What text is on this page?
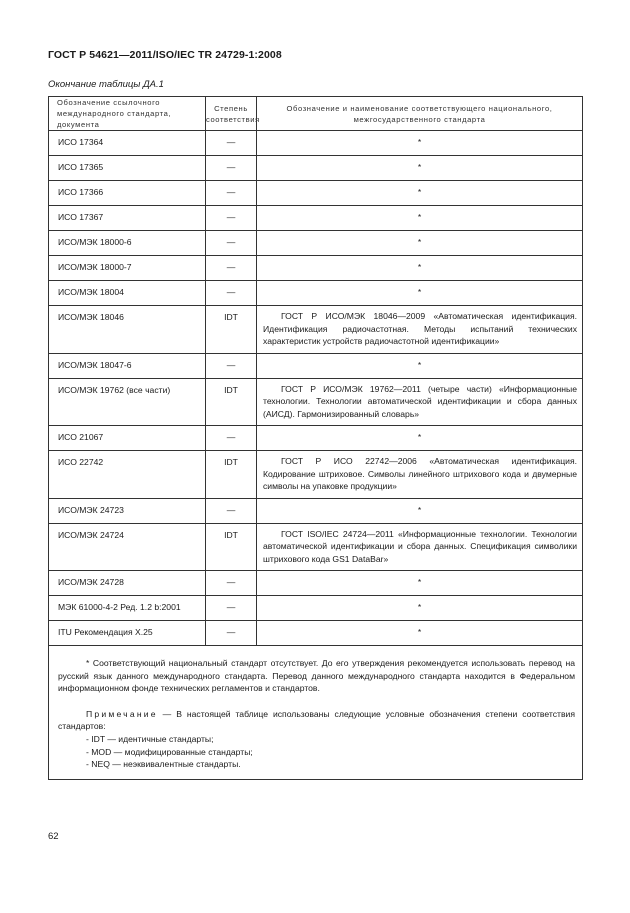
ГОСТ Р 54621—2011/ISO/IEC TR 24729-1:2008
Окончание таблицы ДА.1
Обозначение ссылочного международного стандарта, документа	Степень соответствия	Обозначение и наименование соответствующего национального, межгосударственного стандарта

ИСО 17364	—	*

ИСО 17365	—	*

ИСО 17366	—	*

ИСО 17367	—	*

ИСО/МЭК 18000-6	—	*

ИСО/МЭК 18000-7	—	*

ИСО/МЭК 18004	—	*

ИСО/МЭК 18046	IDT	ГОСТ Р ИСО/МЭК 18046—2009 «Автоматическая идентификация. Идентификация радиочастотная. Методы испытаний технических характеристик устройств радиочастотной идентификации»

ИСО/МЭК 18047-6	—	*

ИСО/МЭК 19762 (все части)	IDT	ГОСТ Р ИСО/МЭК 19762—2011 (четыре части) «Информационные технологии. Технологии автоматической идентификации и сбора данных (АИСД). Гармонизированный словарь»

ИСО 21067	—	*

ИСО 22742	IDT	ГОСТ Р ИСО 22742—2006 «Автоматическая идентификация. Кодирование штриховое. Символы линейного штрихового кода и двумерные символы на упаковке продукции»

ИСО/МЭК 24723	—	*

ИСО/МЭК 24724	IDT	ГОСТ ISO/IEC 24724—2011 «Информационные технологии. Технологии автоматической идентификации и сбора данных. Спецификация символики штрихового кода GS1 DataBar»

ИСО/МЭК 24728	—	*

МЭК 61000-4-2 Ред. 1.2 b:2001	—	*

ITU Рекомендация X.25	—	*

* Соответствующий национальный стандарт отсутствует. До его утверждения рекомендуется использовать перевод на русский язык данного международного стандарта. Перевод данного международного стандарта находится в Федеральном информационном фонде технических регламентов и стандартов.

Примечание — В настоящей таблице использованы следующие условные обозначения степени соответствия стандартов:

- IDT — идентичные стандарты;
- MOD — модифицированные стандарты;
- NEQ — неэквивалентные стандарты.		
62
